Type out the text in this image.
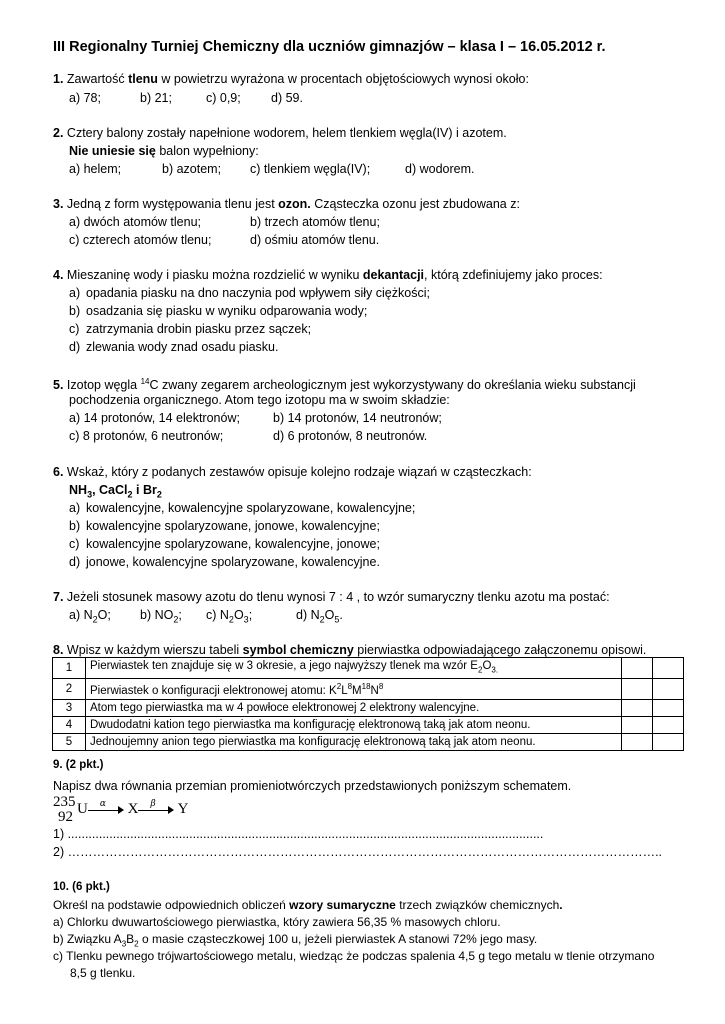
III Regionalny Turniej Chemiczny dla uczniów gimnazjów – klasa I – 16.05.2012 r.
1. Zawartość tlenu w powietrzu wyrażona w procentach objętościowych wynosi około:
a) 78;	b) 21;	c) 0,9; d) 59.
2. Cztery balony zostały napełnione wodorem, helem tlenkiem węgla(IV) i azotem.
Nie uniesie się balon wypełniony:
a) helem;	b) azotem; c) tlenkiem węgla(IV);	d) wodorem.
3. Jedną z form występowania tlenu jest ozon. Cząsteczka ozonu jest zbudowana z:
a) dwóch atomów tlenu;	b) trzech atomów tlenu;
c) czterech atomów tlenu;	d) ośmiu atomów tlenu.
4. Mieszaninę wody i piasku można rozdzielić w wyniku dekantacji, którą zdefiniujemy jako proces:
a) opadania piasku na dno naczynia pod wpływem siły ciężkości;
b) osadzania się piasku w wyniku odparowania wody;
c) zatrzymania drobin piasku przez sączek;
d) zlewania wody znad osadu piasku.
5. Izotop węgla $^{14}$C zwany zegarem archeologicznym jest wykorzystywany do określania wieku substancji
pochodzenia organicznego. Atom tego izotopu ma w swoim składzie:
a) 14 protonów, 14 elektronów;	b) 14 protonów, 14 neutronów;
c) 8 protonów, 6 neutronów;	d) 6 protonów, 8 neutronów.
6. Wskaż, który z podanych zestawów opisuje kolejno rodzaje wiązań w cząsteczkach:
$NH_3$, CaCl$_2$ i $Br_2$
a) kowalencyjne, kowalencyjne spolaryzowane, kowalencyjne;
b) kowalencyjne spolaryzowane, jonowe, kowalencyjne;
c) kowalencyjne spolaryzowane, kowalencyjne, jonowe;
d) jonowe, kowalencyjne spolaryzowane, kowalencyjne.
7. Jeżeli stosunek masowy azotu do tlenu wynosi 7 : 4 , to wzór sumaryczny tlenku azotu ma postać:
a) $N_2O$; b) $NO_2$; c) $N_2O_3$;	d) $N_2O_5$.
8. Wpisz w każdym wierszu tabeli symbol chemiczny pierwiastka odpowiadającego załączonemu opisowi.
1	Pierwiastek ten znajduje się w 3 okresie, a jego najwyższy tlenek ma wzór $E_2O_{3.}$		
2	Pierwiastek o konfiguracji elektronowej atomu: $K^2L^8M^{18}N^8$		
3	Atom tego pierwiastka ma w 4 powłoce elektronowej 2 elektrony walencyjne.		
4	Dwudodatni kation tego pierwiastka ma konfigurację elektronową taką jak atom neonu.		
5	Jednoujemny anion tego pierwiastka ma konfigurację elektronową taką jak atom neonu.		
9. (2 pkt.)
Napisz dwa równania przemian promieniotwórczych przedstawionych poniższym schematem.
235
92 U α X β Y
1) .........................................................................................................................................
2) ……………………………………………………………………………………………………………………………..
10. (6 pkt.)
Określ na podstawie odpowiednich obliczeń wzory sumaryczne trzech związków chemicznych.
a) Chlorku dwuwartościowego pierwiastka, który zawiera 56,35 % masowych chloru.
b) Związku $A_3B_2$ o masie cząsteczkowej 100 u, jeżeli pierwiastek A stanowi 72% jego masy.
c) Tlenku pewnego trójwartościowego metalu, wiedząc że podczas spalenia 4,5 g tego metalu w tlenie otrzymano
8,5 g tlenku.
